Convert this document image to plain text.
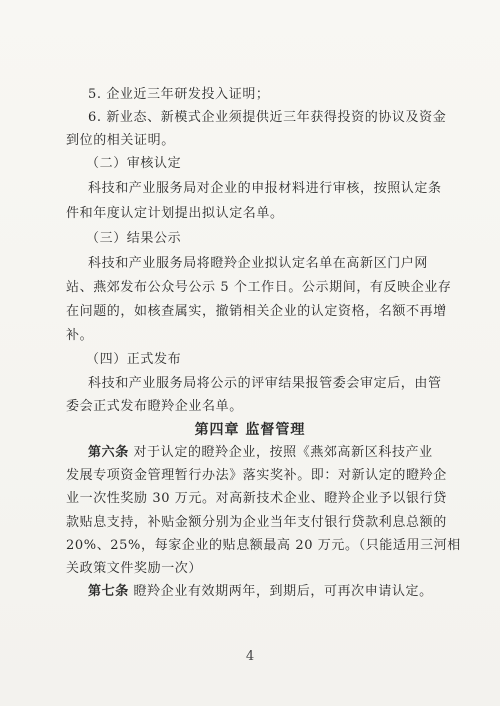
5. 企业近三年研发投入证明；
6. 新业态、新模式企业须提供近三年获得投资的协议及资金
到位的相关证明。
（二）审核认定
科技和产业服务局对企业的申报材料进行审核，按照认定条
件和年度认定计划提出拟认定名单。
（三）结果公示
科技和产业服务局将瞪羚企业拟认定名单在高新区门户网
站、燕郊发布公众号公示 5 个工作日。公示期间，有反映企业存
在问题的，如核查属实，撤销相关企业的认定资格，名额不再增
补。
（四）正式发布
科技和产业服务局将公示的评审结果报管委会审定后，由管
委会正式发布瞪羚企业名单。
第四章 监督管理
第六条 对于认定的瞪羚企业，按照《燕郊高新区科技产业
发展专项资金管理暂行办法》落实奖补。即：对新认定的瞪羚企
业一次性奖励 30 万元。对高新技术企业、瞪羚企业予以银行贷
款贴息支持，补贴金额分别为企业当年支付银行贷款利息总额的
20%、25%，每家企业的贴息额最高 20 万元。（只能适用三河相
关政策文件奖励一次）
第七条 瞪羚企业有效期两年，到期后，可再次申请认定。
4
